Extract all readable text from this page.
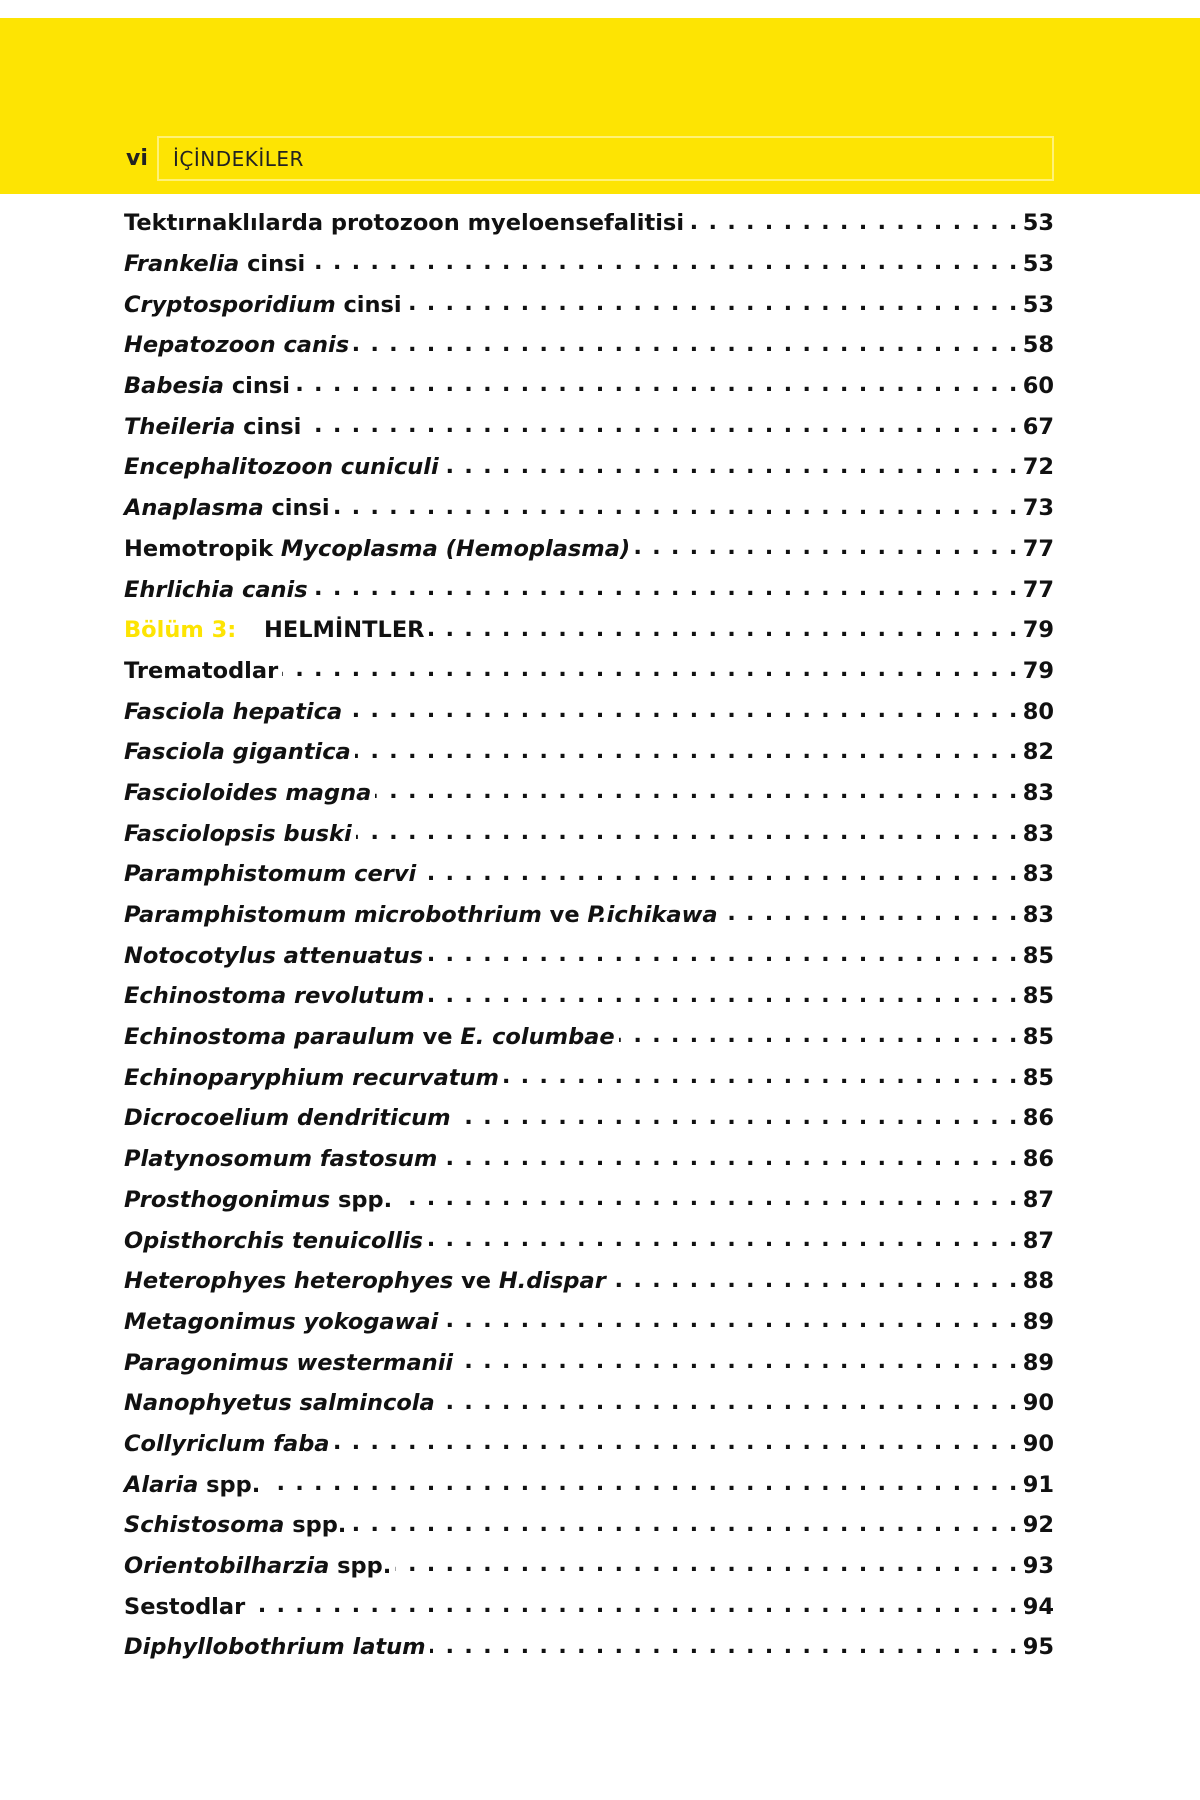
vi İÇİNDEKİLER
Tektırnaklılarda protozoon myeloensefalitisi . . .	53
Frankelia cinsi . . .	53
Cryptosporidium cinsi . . .	53
Hepatozoon canis . . .	58
Babesia cinsi . . .	60
Theileria cinsi . . .	67
Encephalitozoon cuniculi . . .	72
Anaplasma cinsi . . .	73
Hemotropik Mycoplasma (Hemoplasma) . . .	77
Ehrlichia canis . . .	77
Bölüm 3: HELMİNTLER . . .	79
Trematodlar . . .	79
Fasciola hepatica . . .	80
Fasciola gigantica . . .	82
Fascioloides magna . . .	83
Fasciolopsis buski . . .	83
Paramphistomum cervi . . .	83
Paramphistomum microbothrium ve P.ichikawa . . .	83
Notocotylus attenuatus . . .	85
Echinostoma revolutum . . .	85
Echinostoma paraulum ve E. columbae . . .	85
Echinoparyphium recurvatum . . .	85
Dicrocoelium dendriticum . . .	86
Platynosomum fastosum . . .	86
Prosthogonimus spp. . . .	87
Opisthorchis tenuicollis . . .	87
Heterophyes heterophyes ve H.dispar . . .	88
Metagonimus yokogawai . . .	89
Paragonimus westermanii . . .	89
Nanophyetus salmincola . . .	90
Collyriclum faba . . .	90
Alaria spp. . . .	91
Schistosoma spp. . . .	92
Orientobilharzia spp. . . .	93
Sestodlar . . .	94
Diphyllobothrium latum . . .	95
